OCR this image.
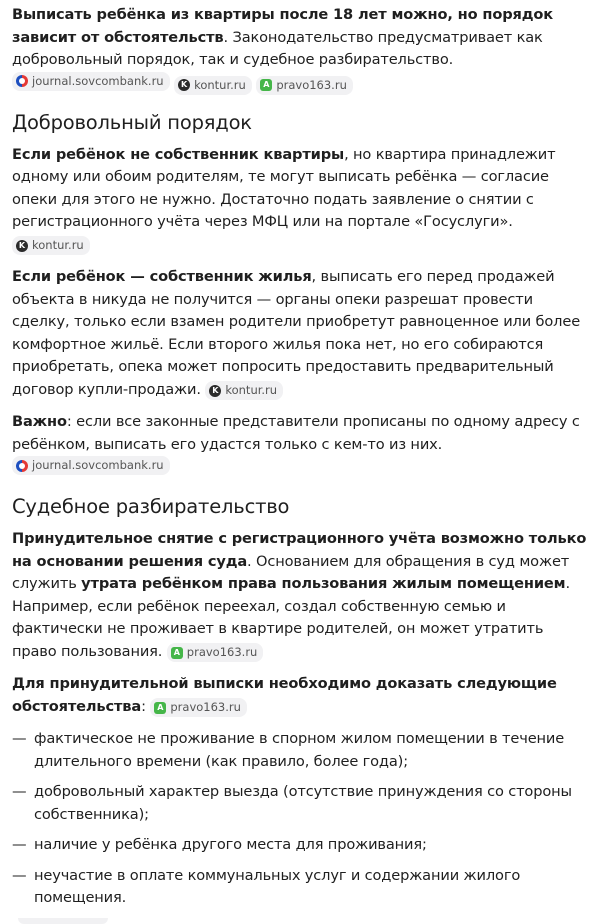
Выписать ребёнка из квартиры после 18 лет можно, но порядок зависит от обстоятельств. Законодательство предусматривает как добровольный порядок, так и судебное разбирательство.
journal.sovcombank.ru
	K kontur.ru
	A pravo163.ru

Добровольный порядок

Если ребёнок не собственник квартиры, но квартира принадлежит одному или обоим родителям, те могут выписать ребёнка — согласие опеки для этого не нужно. Достаточно подать заявление о снятии с регистрационного учёта через МФЦ или на портале «Госуслуги».
K kontur.ru

Если ребёнок — собственник жилья, выписать его перед продажей объекта в никуда не получится — органы опеки разрешат провести сделку, только если взамен родители приобретут равноценное или более комфортное жильё. Если второго жилья пока нет, но его собираются приобретать, опека может попросить предоставить предварительный договор купли-продажи.	K kontur.ru

Важно: если все законные представители прописаны по одному адресу с ребёнком, выписать его удастся только с кем-то из них.
journal.sovcombank.ru

Судебное разбирательство

Принудительное снятие с регистрационного учёта возможно только на основании решения суда. Основанием для обращения в суд может служить утрата ребёнком права пользования жилым помещением. Например, если ребёнок переехал, создал собственную семью и фактически не проживает в квартире родителей, он может утратить право пользования.	A pravo163.ru

Для принудительной выписки необходимо доказать следующие обстоятельства:	A pravo163.ru

— фактическое не проживание в спорном жилом помещении в течение длительного времени (как правило, более года);
— добровольный характер выезда (отсутствие принуждения со стороны собственника);
— наличие у ребёнка другого места для проживания;
— неучастие в оплате коммунальных услуг и содержании жилого помещения.
